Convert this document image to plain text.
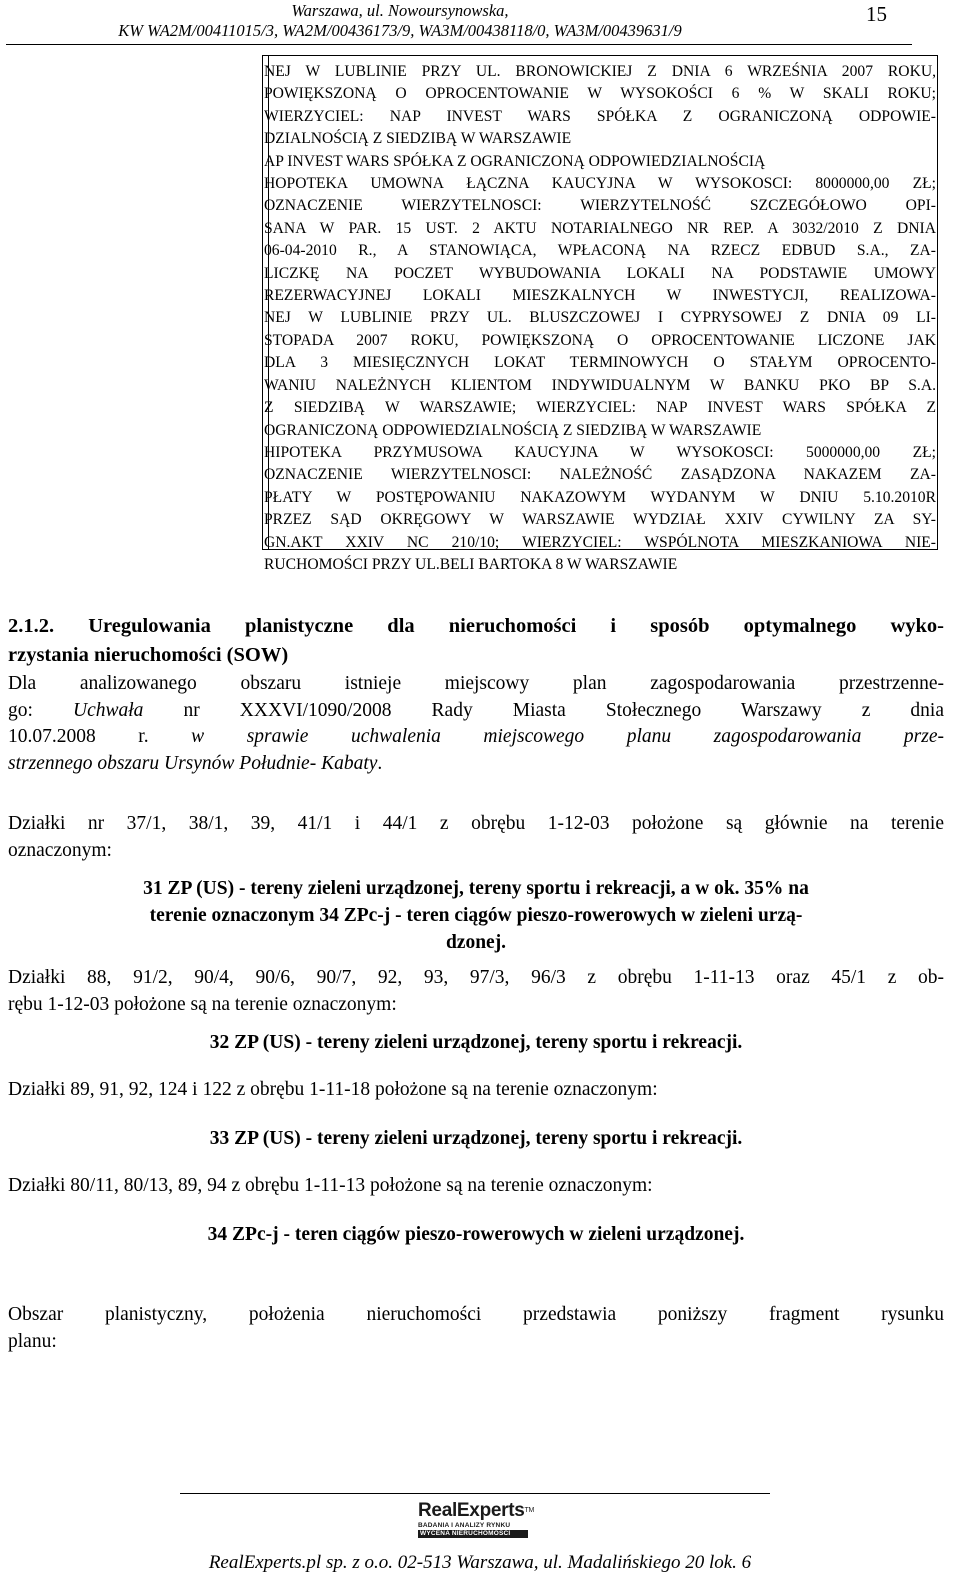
Warszawa, ul. Nowoursynowska,
KW WA2M/00411015/3, WA2M/00436173/9, WA3M/00438118/0, WA3M/00439631/9
15
NEJ W LUBLINIE PRZY UL. BRONOWICKIEJ Z DNIA 6 WRZEŚNIA 2007 ROKU,
POWIĘKSZONĄ O OPROCENTOWANIE W WYSOKOŚCI 6 % W SKALI ROKU;
WIERZYCIEL: NAP INVEST WARS SPÓŁKA Z OGRANICZONĄ ODPOWIE-
DZIALNOŚCIĄ Z SIEDZIBĄ W WARSZAWIE
AP INVEST WARS SPÓŁKA Z OGRANICZONĄ ODPOWIEDZIALNOŚCIĄ
HOPOTEKA UMOWNA ŁĄCZNA KAUCYJNA W WYSOKOSCI: 8000000,00 ZŁ;
OZNACZENIE WIERZYTELNOSCI: WIERZYTELNOŚĆ SZCZEGÓŁOWO OPI-
SANA W PAR. 15 UST. 2 AKTU NOTARIALNEGO NR REP. A 3032/2010 Z DNIA
06-04-2010 R., A STANOWIĄCA, WPŁACONĄ NA RZECZ EDBUD S.A., ZA-
LICZKĘ NA POCZET WYBUDOWANIA LOKALI NA PODSTAWIE UMOWY
REZERWACYJNEJ LOKALI MIESZKALNYCH W INWESTYCJI, REALIZOWA-
NEJ W LUBLINIE PRZY UL. BLUSZCZOWEJ I CYPRYSOWEJ Z DNIA 09 LI-
STOPADA 2007 ROKU, POWIĘKSZONĄ O OPROCENTOWANIE LICZONE JAK
DLA 3 MIESIĘCZNYCH LOKAT TERMINOWYCH O STAŁYM OPROCENTO-
WANIU NALEŻNYCH KLIENTOM INDYWIDUALNYM W BANKU PKO BP S.A.
Z SIEDZIBĄ W WARSZAWIE; WIERZYCIEL: NAP INVEST WARS SPÓŁKA Z
OGRANICZONĄ ODPOWIEDZIALNOŚCIĄ Z SIEDZIBĄ W WARSZAWIE
HIPOTEKA PRZYMUSOWA KAUCYJNA W WYSOKOSCI: 5000000,00 ZŁ;
OZNACZENIE WIERZYTELNOSCI: NALEŻNOŚĆ ZASĄDZONA NAKAZEM ZA-
PŁATY W POSTĘPOWANIU NAKAZOWYM WYDANYM W DNIU 5.10.2010R
PRZEZ SĄD OKRĘGOWY W WARSZAWIE WYDZIAŁ XXIV CYWILNY ZA SY-
GN.AKT XXIV NC 210/10; WIERZYCIEL: WSPÓLNOTA MIESZKANIOWA NIE-
RUCHOMOŚCI PRZY UL.BELI BARTOKA 8 W WARSZAWIE
2.1.2. Uregulowania planistyczne dla nieruchomości i sposób optymalnego wyko-
rzystania nieruchomości (SOW)
Dla analizowanego obszaru istnieje miejscowy plan zagospodarowania przestrzenne-
go: Uchwała nr XXXVI/1090/2008 Rady Miasta Stołecznego Warszawy z dnia
10.07.2008 r. w sprawie uchwalenia miejscowego planu zagospodarowania prze-
strzennego obszaru Ursynów Południe- Kabaty.
Działki nr 37/1, 38/1, 39, 41/1 i 44/1 z obrębu 1-12-03 położone są głównie na terenie
oznaczonym:
31 ZP (US) - tereny zieleni urządzonej, tereny sportu i rekreacji, a w ok. 35% na
terenie oznaczonym 34 ZPc-j - teren ciągów pieszo-rowerowych w zieleni urzą-
dzonej.
Działki 88, 91/2, 90/4, 90/6, 90/7, 92, 93, 97/3, 96/3 z obrębu 1-11-13 oraz 45/1 z ob-
rębu 1-12-03 położone są na terenie oznaczonym:
32 ZP (US) - tereny zieleni urządzonej, tereny sportu i rekreacji.
Działki 89, 91, 92, 124 i 122 z obrębu 1-11-18 położone są na terenie oznaczonym:
33 ZP (US) - tereny zieleni urządzonej, tereny sportu i rekreacji.
Działki 80/11, 80/13, 89, 94 z obrębu 1-11-13 położone są na terenie oznaczonym:
34 ZPc-j - teren ciągów pieszo-rowerowych w zieleni urządzonej.
Obszar planistyczny, położenia nieruchomości przedstawia poniższy fragment rysunku
planu:
RealExperts™
BADANIA I ANALIZY RYNKU
WYCENA NIERUCHOMOŚCI
RealExperts.pl sp. z o.o. 02-513 Warszawa, ul. Madalińskiego 20 lok. 6
